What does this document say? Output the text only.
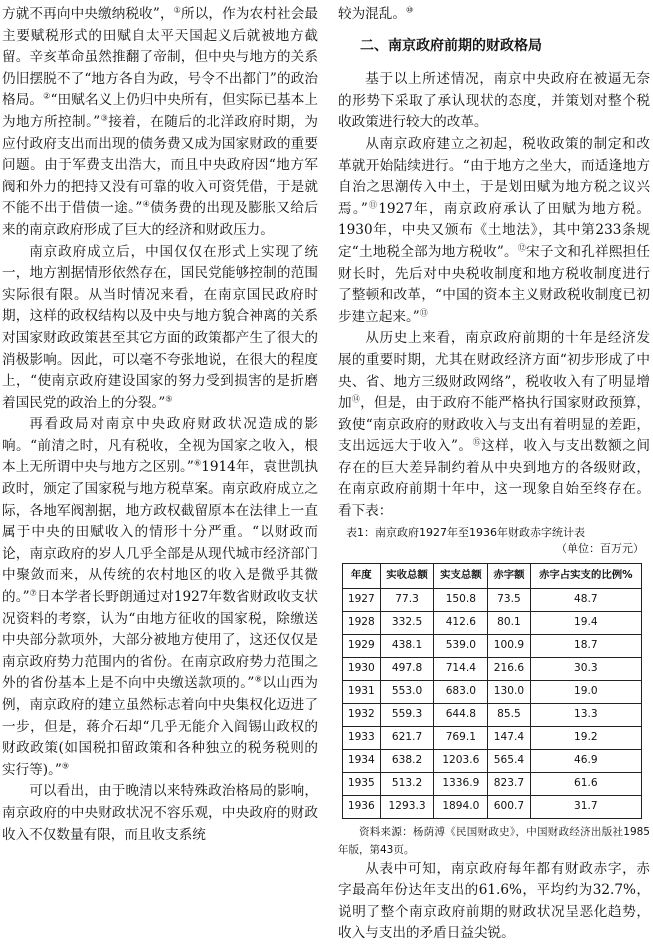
方就不再向中央缴纳税收”，①所以，作为农村社会最主要赋税形式的田赋自太平天国起义后就被地方截留。辛亥革命虽然推翻了帝制，但中央与地方的关系仍旧摆脱不了“地方各自为政，号令不出都门”的政治格局。②“田赋名义上仍归中央所有，但实际已基本上为地方所控制。”③接着，在随后的北洋政府时期，为应付政府支出而出现的债务费又成为国家财政的重要问题。由于军费支出浩大，而且中央政府因“地方军阀和外力的把持又没有可靠的收入可资凭借，于是就不能不出于借债一途。”④债务费的出现及膨胀又给后来的南京政府形成了巨大的经济和财政压力。

南京政府成立后，中国仅仅在形式上实现了统一，地方割据情形依然存在，国民党能够控制的范围实际很有限。从当时情况来看，在南京国民政府时期，这样的政权结构以及中央与地方貌合神离的关系对国家财政政策甚至其它方面的政策都产生了很大的消极影响。因此，可以毫不夸张地说，在很大的程度上，“使南京政府建设国家的努力受到损害的是折磨着国民党的政治上的分裂。”⑤

再看政局对南京中央政府财政状况造成的影响。“前清之时，凡有税收，全视为国家之收入，根本上无所谓中央与地方之区别。”⑥1914年，袁世凯执政时，颁定了国家税与地方税草案。南京政府成立之际，各地军阀割据，地方政权截留原本在法律上一直属于中央的田赋收入的情形十分严重。“以财政而论，南京政府的岁人几乎全部是从现代城市经济部门中聚敛而来，从传统的农村地区的收入是微乎其微的。”⑦日本学者长野朗通过对1927年数省财政收支状况资料的考察，认为“由地方征收的国家税，除缴送中央部分款项外，大部分被地方使用了，这还仅仅是南京政府势力范围内的省份。在南京政府势力范围之外的省份基本上是不向中央缴送款项的。”⑧以山西为例，南京政府的建立虽然标志着向中央集权化迈进了一步，但是，蒋介石却“几乎无能介入阎锡山政权的财政政策(如国税扣留政策和各种独立的税务税则的实行等)。”⑨

可以看出，由于晚清以来特殊政治格局的影响，南京政府的中央财政状况不容乐观，中央政府的财政收入不仅数量有限，而且收支系统

较为混乱。⑩

二、南京政府前期的财政格局

基于以上所述情况，南京中央政府在被逼无奈的形势下采取了承认现状的态度，并策划对整个税收政策进行较大的改革。

从南京政府建立之初起，税收政策的制定和改革就开始陆续进行。“由于地方之坐大，而适逢地方自治之思潮传入中土，于是划田赋为地方税之议兴焉。”⑪1927年，南京政府承认了田赋为地方税。1930年，中央又颁布《土地法》，其中第233条规定“土地税全部为地方税收”。⑫宋子文和孔祥熙担任财长时，先后对中央税收制度和地方税收制度进行了整顿和改革，“中国的资本主义财政税收制度已初步建立起来。”⑬

从历史上来看，南京政府前期的十年是经济发展的重要时期，尤其在财政经济方面“初步形成了中央、省、地方三级财政网络”，税收收入有了明显增加⑭，但是，由于政府不能严格执行国家财政预算，致使“南京政府的财政收入与支出有着明显的差距，支出远远大于收入”。⑮这样，收入与支出数额之间存在的巨大差异制约着从中央到地方的各级财政，在南京政府前期十年中，这一现象自始至终存在。看下表：

表1：南京政府1927年至1936年财政赤字统计表
（单位：百万元）
年度	实收总额	实支总额	赤字额	赤字占实支的比例%
1927	77.3	150.8	73.5	48.7
1928	332.5	412.6	80.1	19.4
1929	438.1	539.0	100.9	18.7
1930	497.8	714.4	216.6	30.3
1931	553.0	683.0	130.0	19.0
1932	559.3	644.8	85.5	13.3
1933	621.7	769.1	147.4	19.2
1934	638.2	1203.6	565.4	46.9
1935	513.2	1336.9	823.7	61.6
1936	1293.3	1894.0	600.7	31.7
资料来源：杨荫溥《民国财政史》，中国财政经济出版社1985年版，第43页。

从表中可知，南京政府每年都有财政赤字，赤字最高年份达年支出的61.6%，平均约为32.7%，说明了整个南京政府前期的财政状况呈恶化趋势，收入与支出的矛盾日益尖锐。
